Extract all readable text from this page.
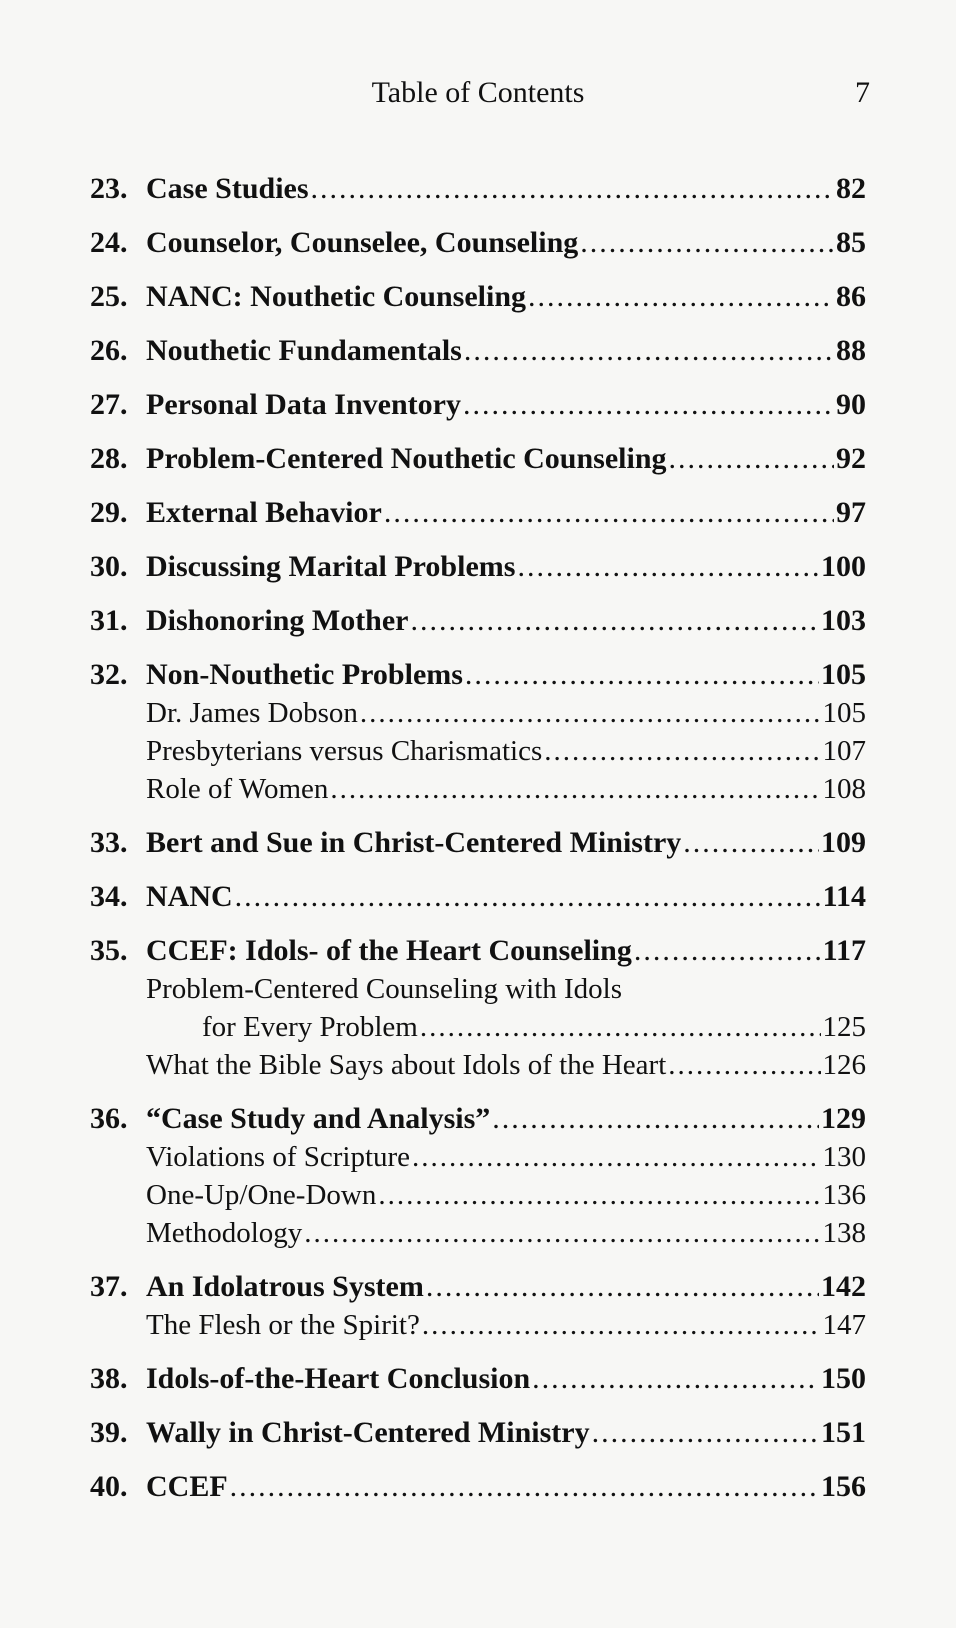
Table of Contents	7
23. Case Studies .....	82
24. Counselor, Counselee, Counseling .....	85
25. NANC: Nouthetic Counseling .....	86
26. Nouthetic Fundamentals .....	88
27. Personal Data Inventory .....	90
28. Problem-Centered Nouthetic Counseling .....	92
29. External Behavior .....	97
30. Discussing Marital Problems .....	100
31. Dishonoring Mother .....	103
32. Non-Nouthetic Problems .....	105
Dr. James Dobson .....	105
Presbyterians versus Charismatics .....	107
Role of Women .....	108
33. Bert and Sue in Christ-Centered Ministry .....	109
34. NANC .....	114
35. CCEF: Idols- of the Heart Counseling .....	117
Problem-Centered Counseling with Idols
for Every Problem .....	125
What the Bible Says about Idols of the Heart .....	126
36. “Case Study and Analysis” .....	129
Violations of Scripture .....	130
One-Up/One-Down .....	136
Methodology .....	138
37. An Idolatrous System .....	142
The Flesh or the Spirit? .....	147
38. Idols-of-the-Heart Conclusion .....	150
39. Wally in Christ-Centered Ministry .....	151
40. CCEF .....	156
